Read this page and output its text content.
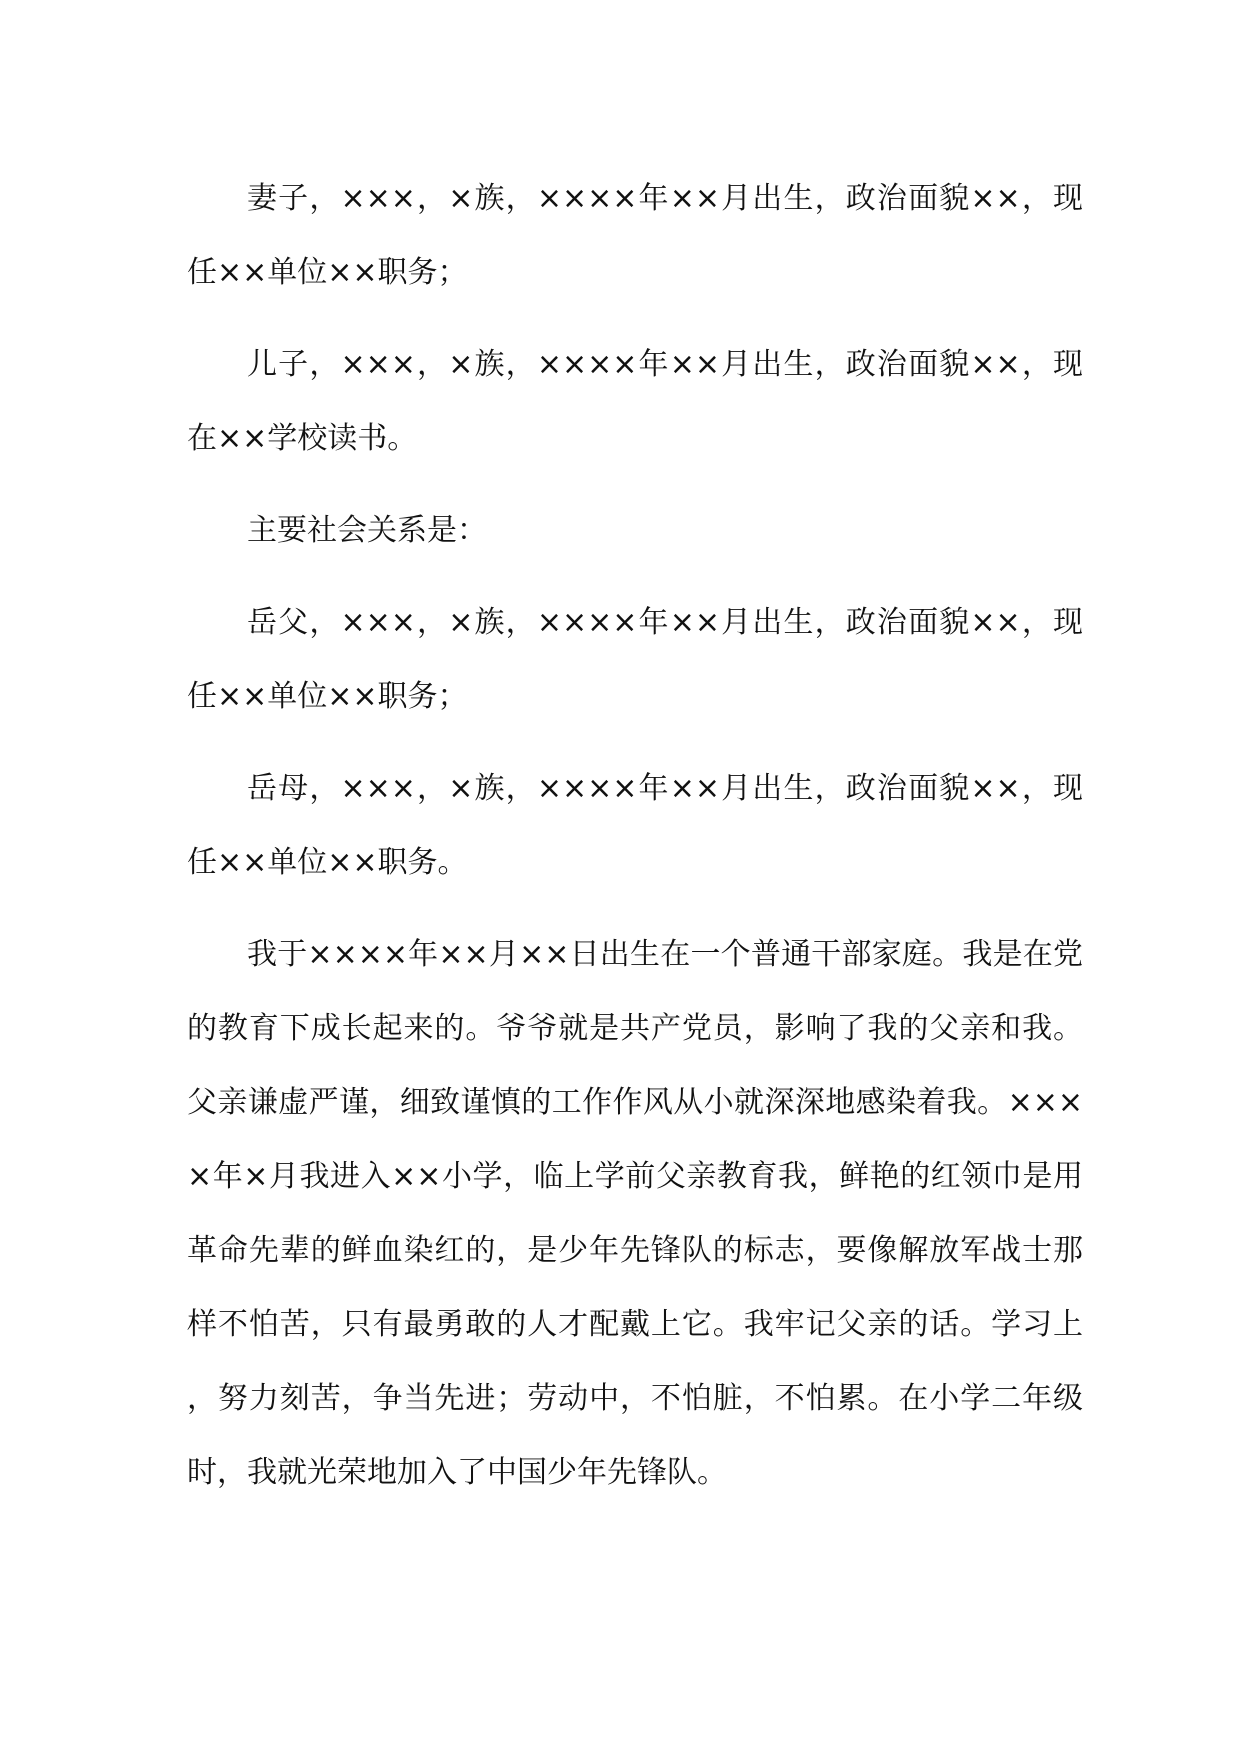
妻子，×××，×族，××××年××月出生，政治面貌××，现任××单位××职务；

儿子，×××，×族，××××年××月出生，政治面貌××，现在××学校读书。

主要社会关系是：

岳父，×××，×族，××××年××月出生，政治面貌××，现任××单位××职务；

岳母，×××，×族，××××年××月出生，政治面貌××，现任××单位××职务。

我于××××年××月××日出生在一个普通干部家庭。我是在党的教育下成长起来的。爷爷就是共产党员，影响了我的父亲和我。父亲谦虚严谨，细致谨慎的工作作风从小就深深地感染着我。××××年×月我进入××小学，临上学前父亲教育我，鲜艳的红领巾是用革命先辈的鲜血染红的，是少年先锋队的标志，要像解放军战士那样不怕苦，只有最勇敢的人才配戴上它。我牢记父亲的话。学习上，努力刻苦，争当先进；劳动中，不怕脏，不怕累。在小学二年级时，我就光荣地加入了中国少年先锋队。
